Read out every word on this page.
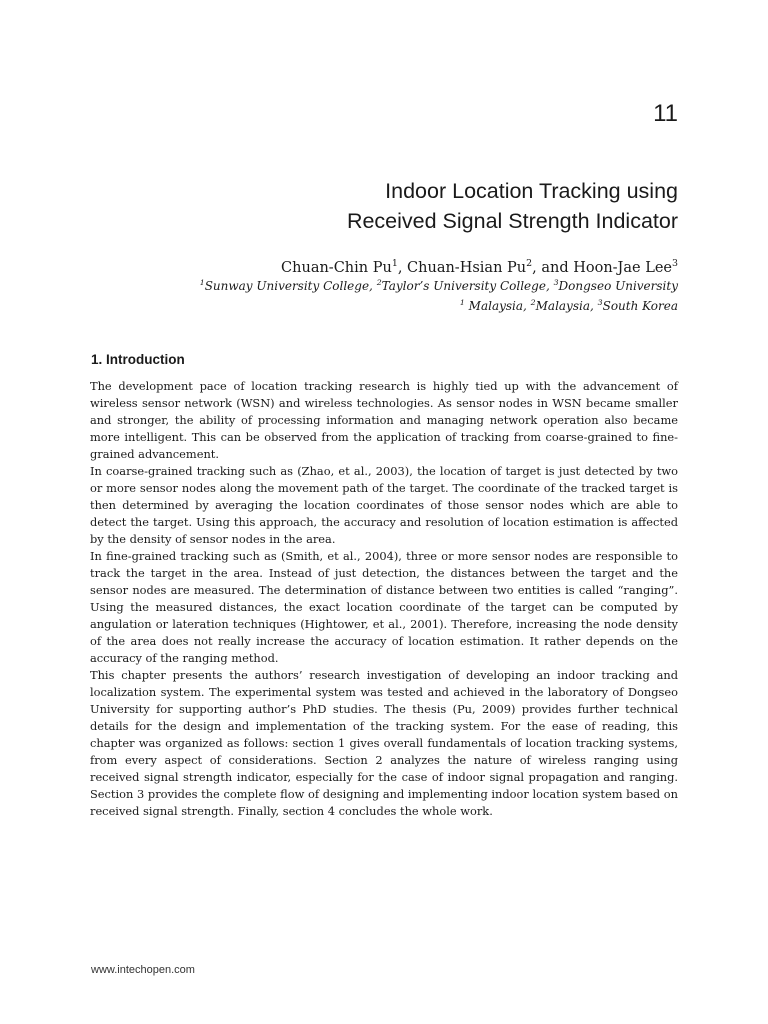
11
Indoor Location Tracking using
Received Signal Strength Indicator
Chuan-Chin Pu$^1$, Chuan-Hsian Pu$^2$, and Hoon-Jae Lee$^3$
$^1$Sunway University College, $^2$Taylor’s University College, $^3$Dongseo University
$^1$ Malaysia, $^2$Malaysia, $^3$South Korea
1. Introduction

The development pace of location tracking research is highly tied up with the advancement of wireless sensor network (WSN) and wireless technologies. As sensor nodes in WSN became smaller and stronger, the ability of processing information and managing network operation also became more intelligent. This can be observed from the application of tracking from coarse-grained to fine-grained advancement.

In coarse-grained tracking such as (Zhao, et al., 2003), the location of target is just detected by two or more sensor nodes along the movement path of the target. The coordinate of the tracked target is then determined by averaging the location coordinates of those sensor nodes which are able to detect the target. Using this approach, the accuracy and resolution of location estimation is affected by the density of sensor nodes in the area.

In fine-grained tracking such as (Smith, et al., 2004), three or more sensor nodes are responsible to track the target in the area. Instead of just detection, the distances between the target and the sensor nodes are measured. The determination of distance between two entities is called “ranging”. Using the measured distances, the exact location coordinate of the target can be computed by angulation or lateration techniques (Hightower, et al., 2001). Therefore, increasing the node density of the area does not really increase the accuracy of location estimation. It rather depends on the accuracy of the ranging method.

This chapter presents the authors’ research investigation of developing an indoor tracking and localization system. The experimental system was tested and achieved in the laboratory of Dongseo University for supporting author’s PhD studies. The thesis (Pu, 2009) provides further technical details for the design and implementation of the tracking system. For the ease of reading, this chapter was organized as follows: section 1 gives overall fundamentals of location tracking systems, from every aspect of considerations. Section 2 analyzes the nature of wireless ranging using received signal strength indicator, especially for the case of indoor signal propagation and ranging. Section 3 provides the complete flow of designing and implementing indoor location system based on received signal strength. Finally, section 4 concludes the whole work.

www.intechopen.com
